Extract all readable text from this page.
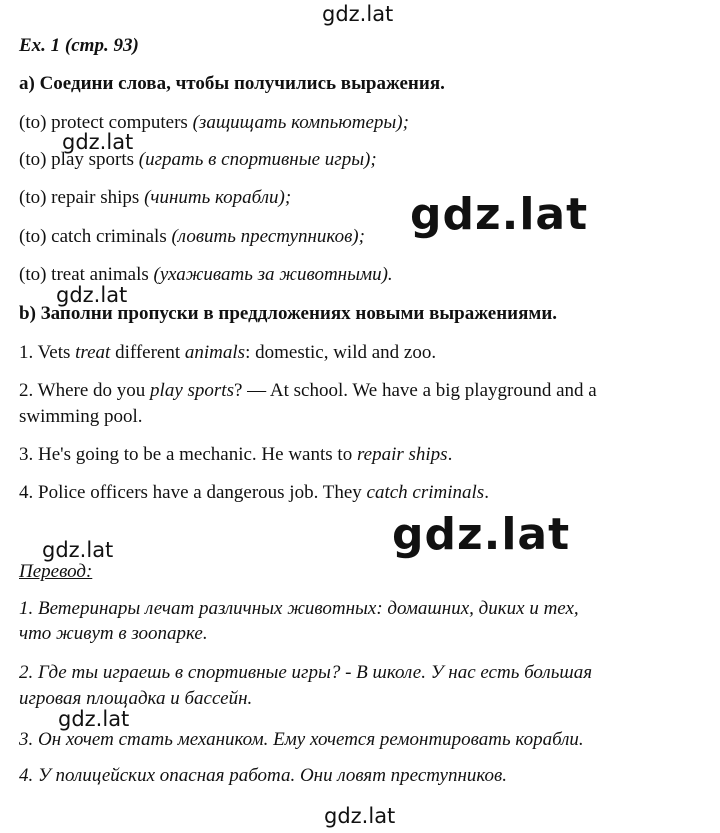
gdz.lat
gdz.lat
gdz.lat
gdz.lat
gdz.lat
gdz.lat
gdz.lat
gdz.lat
Ex. 1 (стр. 93)
a) Соедини слова, чтобы получились выражения.
(to) protect computers (защищать компьютеры);
(to) play sports (играть в спортивные игры);
(to) repair ships (чинить корабли);
(to) catch criminals (ловить преступников);
(to) treat animals (ухаживать за животными).
b) Заполни пропуски в преддложениях новыми выражениями.
1. Vets treat different animals: domestic, wild and zoo.
2. Where do you play sports? — At school. We have a big playground and a
swimming pool.
3. He's going to be a mechanic. He wants to repair ships.
4. Police officers have a dangerous job. They catch criminals.
Перевод:
1. Ветеринары лечат различных животных: домашних, диких и тех,
что живут в зоопарке.
2. Где ты играешь в спортивные игры? - В школе. У нас есть большая
игровая площадка и бассейн.
3. Он хочет стать механиком. Ему хочется ремонтировать корабли.
4. У полицейских опасная работа. Они ловят преступников.
